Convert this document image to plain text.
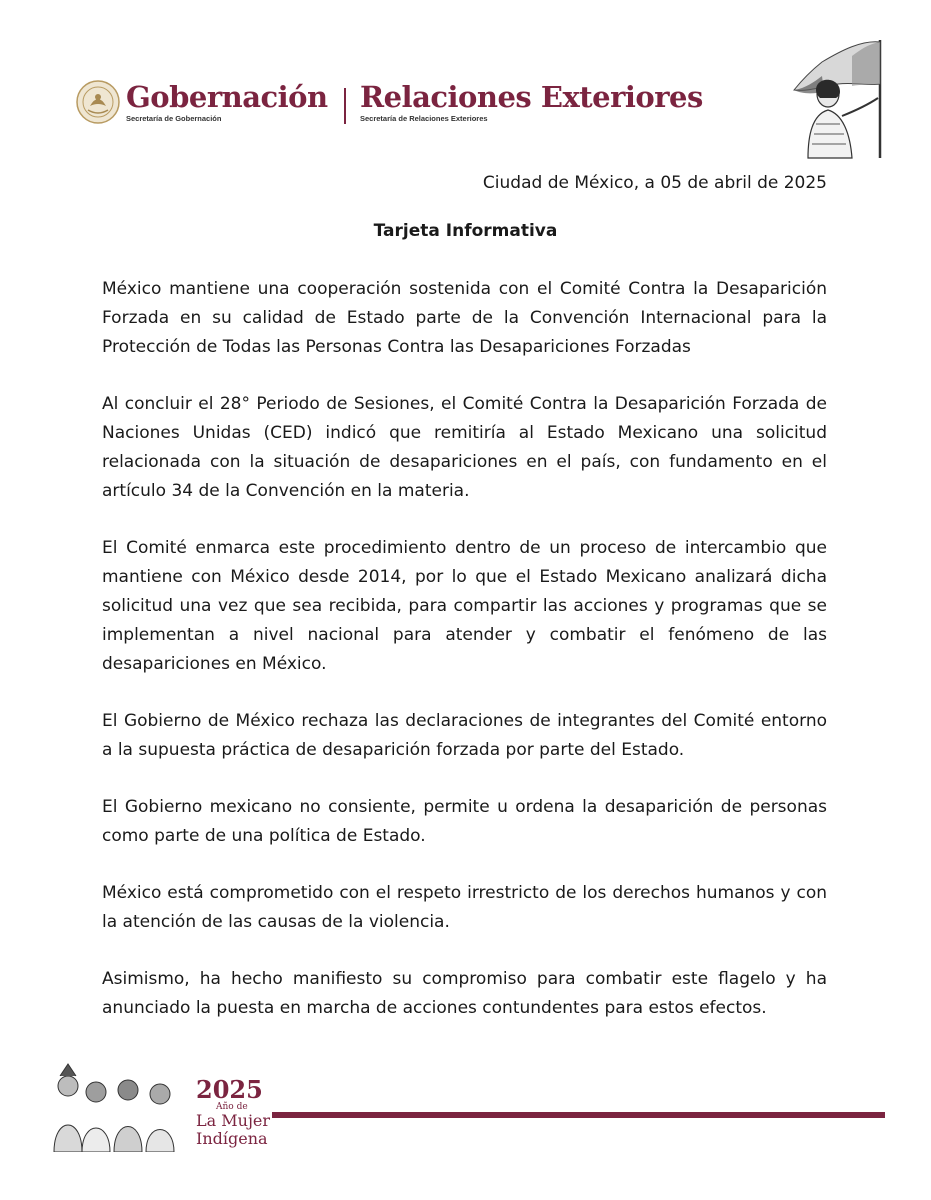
Gobernación
Secretaría de Gobernación
Relaciones Exteriores
Secretaría de Relaciones Exteriores
Ciudad de México, a 05 de abril de 2025
Tarjeta Informativa

México mantiene una cooperación sostenida con el Comité Contra la Desaparición Forzada en su calidad de Estado parte de la Convención Internacional para la Protección de Todas las Personas Contra las Desapariciones Forzadas

Al concluir el 28° Periodo de Sesiones, el Comité Contra la Desaparición Forzada de Naciones Unidas (CED) indicó que remitiría al Estado Mexicano una solicitud relacionada con la situación de desapariciones en el país, con fundamento en el artículo 34 de la Convención en la materia.

El Comité enmarca este procedimiento dentro de un proceso de intercambio que mantiene con México desde 2014, por lo que el Estado Mexicano analizará dicha solicitud una vez que sea recibida, para compartir las acciones y programas que se implementan a nivel nacional para atender y combatir el fenómeno de las desapariciones en México.

El Gobierno de México rechaza las declaraciones de integrantes del Comité entorno a la supuesta práctica de desaparición forzada por parte del Estado.

El Gobierno mexicano no consiente, permite u ordena la desaparición de personas como parte de una política de Estado.

México está comprometido con el respeto irrestricto de los derechos humanos y con la atención de las causas de la violencia.

Asimismo, ha hecho manifiesto su compromiso para combatir este flagelo y ha anunciado la puesta en marcha de acciones contundentes para estos efectos.

2025
Año de
La Mujer
Indígena
